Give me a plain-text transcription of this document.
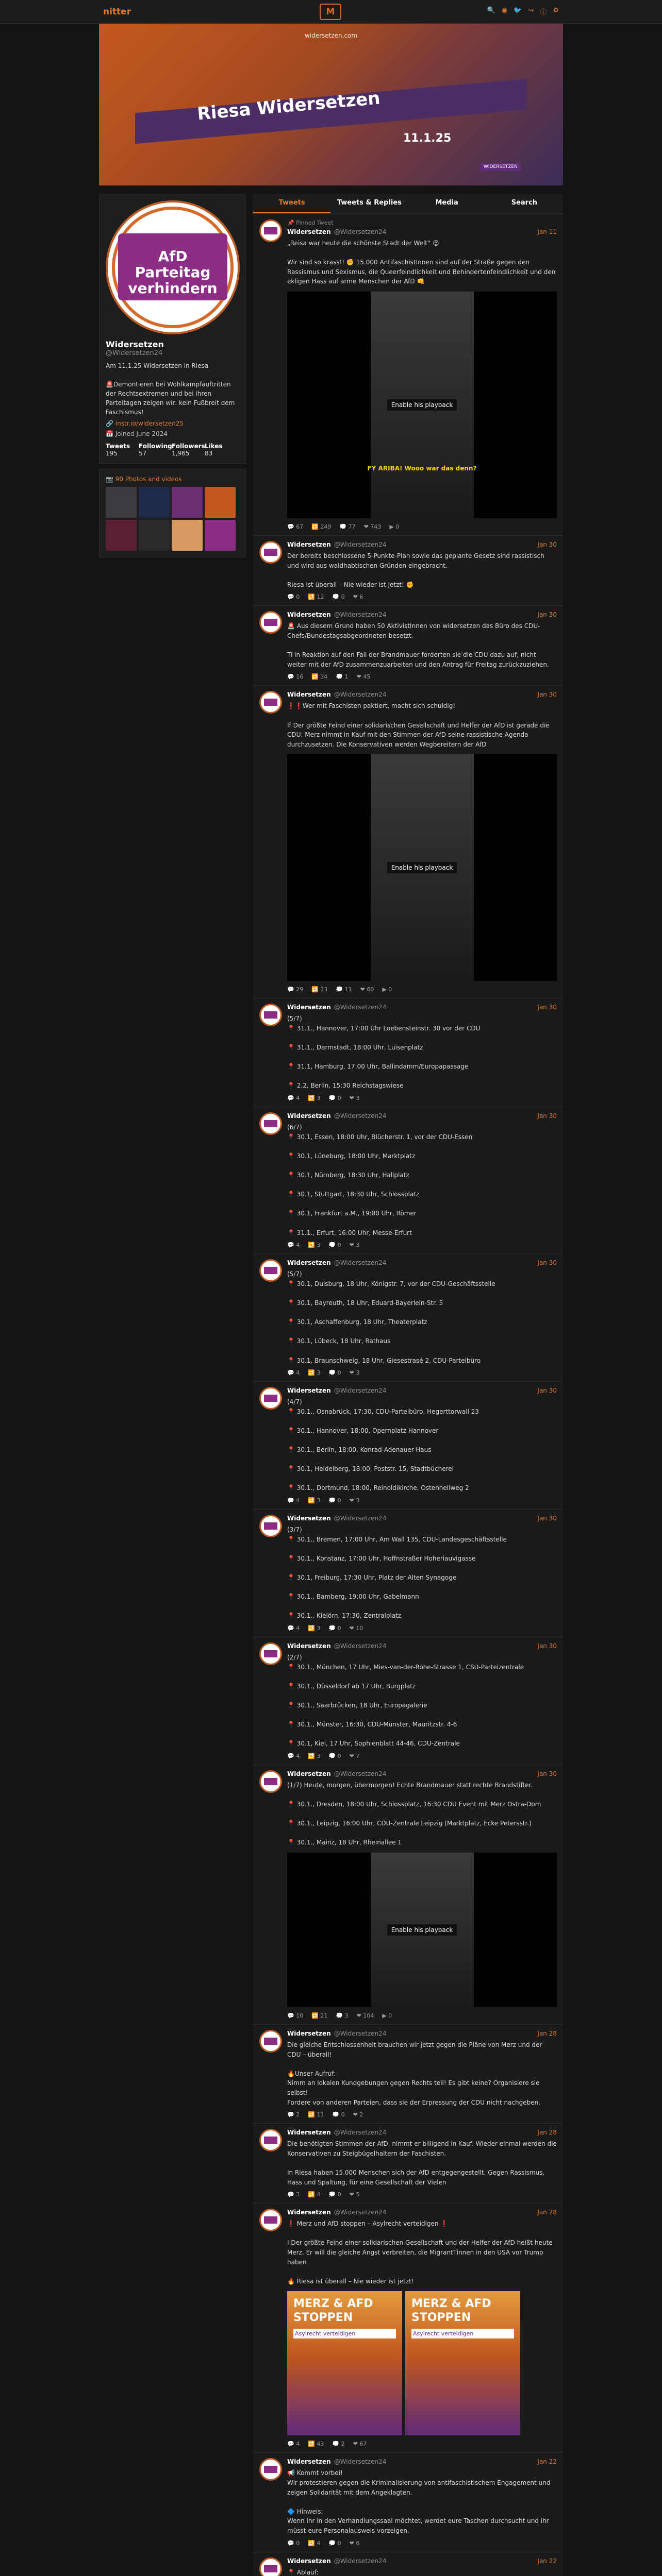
nitter	M	🔍 ◉ 🐦 ↪ ⓘ ⚙
widersetzen.com
Riesa Widersetzen
11.1.25
WIDERSETZEN
AfD Parteitag verhindern
Widersetzen
@Widersetzen24
Am 11.1.25 Widersetzen in Riesa

🚨Demontieren bei Wohlkampfauftritten der Rechtsextremen und bei ihren Parteitagen zeigen wir: kein Fußbreit dem Faschismus!
🔗 instr.io/widersetzen25
📅 Joined June 2024
Tweets
195
Following
57
Followers
1,965
Likes
83
📷 90 Photos and videos
Tweets	Tweets & Replies	Media	Search
📌 Pinned Tweet
Widersetzen @Widersetzen24	Jan 11
„Reisa war heute die schönste Stadt der Welt“ 😍

Wir sind so krass!! ✊ 15.000 AntifaschistInnen sind auf der Straße gegen den Rassismus und Sexismus, die Queerfeindlichkeit und Behindertenfeindlichkeit und den ekligen Hass auf arme Menschen der AfD 👊
Enable hls playback
FY ARIBA! Wooo war das denn?
💬 67 🔁 249 💭 77 ❤ 743 ▶ 0
Widersetzen @Widersetzen24	Jan 30
Der bereits beschlossene 5-Punkte-Plan sowie das geplante Gesetz sind rassistisch und wird aus waldhabtischen Gründen eingebracht.

Riesa ist überall – Nie wieder ist jetzt! ✊
💬 0 🔁 12 💭 0 ❤ 6
Widersetzen @Widersetzen24	Jan 30
🚨 Aus diesem Grund haben 50 AktivistInnen von widersetzen das Büro des CDU-Chefs/Bundestagsabgeordneten besetzt.

Ti in Reaktion auf den Fall der Brandmauer forderten sie die CDU dazu auf, nicht weiter mit der AfD zusammenzuarbeiten und den Antrag für Freitag zurückzuziehen.
💬 16 🔁 34 💭 1 ❤ 45
Widersetzen @Widersetzen24	Jan 30
❗❗Wer mit Faschisten paktiert, macht sich schuldig!

If Der größte Feind einer solidarischen Gesellschaft und Helfer der AfD ist gerade die CDU: Merz nimmt in Kauf mit den Stimmen der AfD seine rassistische Agenda durchzusetzen. Die Konservativen werden Wegbereitern der AfD
Enable hls playback
💬 29 🔁 13 💭 11 ❤ 60 ▶ 0
Widersetzen @Widersetzen24	Jan 30
(5/7)
📍 31.1., Hannover, 17:00 Uhr Loebensteinstr. 30 vor der CDU

📍 31.1., Darmstadt, 18:00 Uhr, Luisenplatz

📍 31.1, Hamburg, 17:00 Uhr, Ballindamm/Europapassage

📍 2.2, Berlin, 15:30 Reichstagswiese
💬 4 🔁 3 💭 0 ❤ 3
Widersetzen @Widersetzen24	Jan 30
(6/7)
📍 30.1, Essen, 18:00 Uhr, Blücherstr. 1, vor der CDU-Essen

📍 30.1, Lüneburg, 18:00 Uhr, Marktplatz

📍 30.1, Nürnberg, 18:30 Uhr, Hallplatz

📍 30.1, Stuttgart, 18:30 Uhr, Schlossplatz

📍 30.1, Frankfurt a.M., 19:00 Uhr, Römer

📍 31.1., Erfurt, 16:00 Uhr, Messe-Erfurt
💬 4 🔁 3 💭 0 ❤ 3
Widersetzen @Widersetzen24	Jan 30
(5/7)
📍 30.1, Duisburg, 18 Uhr, Königstr. 7, vor der CDU-Geschäftsstelle

📍 30.1, Bayreuth, 18 Uhr, Eduard-Bayerlein-Str. 5

📍 30.1, Aschaffenburg, 18 Uhr, Theaterplatz

📍 30.1, Lübeck, 18 Uhr, Rathaus

📍 30.1, Braunschweig, 18 Uhr, Giesestrasé 2, CDU-Parteibüro
💬 4 🔁 3 💭 0 ❤ 3
Widersetzen @Widersetzen24	Jan 30
(4/7)
📍 30.1., Osnabrück, 17:30, CDU-Parteibüro, Hegerttorwall 23

📍 30.1., Hannover, 18:00, Opernplatz Hannover

📍 30.1., Berlin, 18:00, Konrad-Adenauer-Haus

📍 30.1, Heidelberg, 18:00, Poststr. 15, Stadtbücherei

📍 30.1., Dortmund, 18:00, Reinoldikirche, Ostenhellweg 2
💬 4 🔁 3 💭 0 ❤ 3
Widersetzen @Widersetzen24	Jan 30
(3/7)
📍 30.1., Bremen, 17:00 Uhr, Am Wall 135, CDU-Landesgeschäftsstelle

📍 30.1., Konstanz, 17:00 Uhr, Hoffnstraßer Hoheriauvigasse

📍 30.1, Freiburg, 17:30 Uhr, Platz der Alten Synagoge

📍 30.1., Bamberg, 19:00 Uhr, Gabelmann

📍 30.1., Kielörn, 17:30, Zentralplatz
💬 4 🔁 3 💭 0 ❤ 10
Widersetzen @Widersetzen24	Jan 30
(2/7)
📍 30.1., München, 17 Uhr, Mies-van-der-Rohe-Strasse 1, CSU-Parteizentrale

📍 30.1., Düsseldorf ab 17 Uhr, Burgplatz

📍 30.1., Saarbrücken, 18 Uhr, Europagalerie

📍 30.1., Münster, 16:30, CDU-Münster, Mauritzstr. 4-6

📍 30.1, Kiel, 17 Uhr, Sophienblatt 44-46, CDU-Zentrale
💬 4 🔁 3 💭 0 ❤ 7
Widersetzen @Widersetzen24	Jan 30
(1/7) Heute, morgen, übermorgen! Echte Brandmauer statt rechte Brandstifter.

📍 30.1., Dresden, 18:00 Uhr, Schlossplatz, 16:30 CDU Event mit Merz Ostra-Dom

📍 30.1., Leipzig, 16:00 Uhr, CDU-Zentrale Leipzig (Marktplatz, Ecke Petersstr.)

📍 30.1., Mainz, 18 Uhr, Rheinallee 1
Enable hls playback
💬 10 🔁 21 💭 3 ❤ 104 ▶ 0
Widersetzen @Widersetzen24	Jan 28
Die gleiche Entschlossenheit brauchen wir jetzt gegen die Pläne von Merz und der CDU – überall!

🔥Unser Aufruf:
Nimm an lokalen Kundgebungen gegen Rechts teil! Es gibt keine? Organisiere sie selbst!
Fordere von anderen Parteien, dass sie der Erpressung der CDU nicht nachgeben.
💬 2 🔁 11 💭 0 ❤ 2
Widersetzen @Widersetzen24	Jan 28
Die benötigten Stimmen der AfD, nimmt er billigend in Kauf. Wieder einmal werden die Konservativen zu Steigbügelhaltern der Faschisten.

In Riesa haben 15.000 Menschen sich der AfD entgegengestellt. Gegen Rassismus, Hass und Spaltung, für eine Gesellschaft der Vielen
💬 3 🔁 4 💭 0 ❤ 5
Widersetzen @Widersetzen24	Jan 28
❗ Merz und AfD stoppen – Asylrecht verteidigen ❗

I Der größte Feind einer solidarischen Gesellschaft und der Helfer der AfD heißt heute Merz. Er will die gleiche Angst verbreiten, die MigrantTinnen in den USA vor Trump haben

🔥 Riesa ist überall – Nie wieder ist jetzt!
MERZ & AFD STOPPEN
Asylrecht verteidigen
MERZ & AFD STOPPEN
Asylrecht verteidigen
💬 4 🔁 43 💭 2 ❤ 67
Widersetzen @Widersetzen24	Jan 22
📢 Kommt vorbei!
Wir protestieren gegen die Kriminalisierung von antifaschistischem Engagement und zeigen Solidarität mit dem Angeklagten.

🔷 Hinweis:
Wenn ihr in den Verhandlungssaal möchtet, werdet eure Taschen durchsucht und ihr müsst eure Personalausweis vorzeigen.
💬 0 🔁 4 💭 0 ❤ 6
Widersetzen @Widersetzen24	Jan 22
📍 Ablauf:
